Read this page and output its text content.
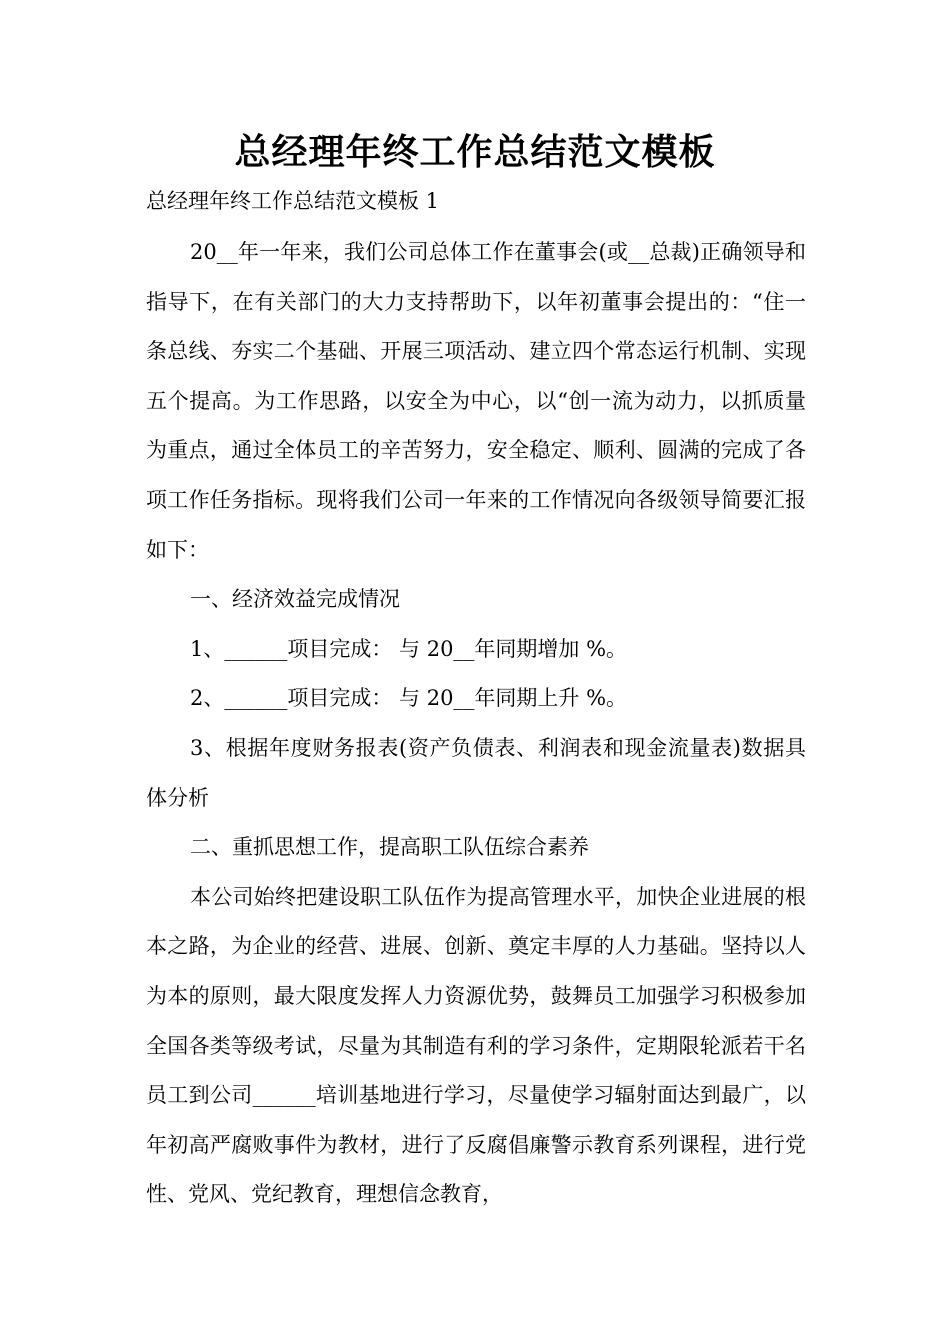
总经理年终工作总结范文模板

总经理年终工作总结范文模板 1

20__年一年来，我们公司总体工作在董事会(或__总裁)正确领导和指导下，在有关部门的大力支持帮助下，以年初董事会提出的：“住一条总线、夯实二个基础、开展三项活动、建立四个常态运行机制、实现五个提高。为工作思路，以安全为中心，以“创一流为动力，以抓质量为重点，通过全体员工的辛苦努力，安全稳定、顺利、圆满的完成了各项工作任务指标。现将我们公司一年来的工作情况向各级领导简要汇报如下：

一、经济效益完成情况

1、______项目完成： 与 20__年同期增加 %。

2、______项目完成： 与 20__年同期上升 %。

3、根据年度财务报表(资产负债表、利润表和现金流量表)数据具体分析

二、重抓思想工作，提高职工队伍综合素养

本公司始终把建设职工队伍作为提高管理水平，加快企业进展的根本之路，为企业的经营、进展、创新、奠定丰厚的人力基础。坚持以人为本的原则，最大限度发挥人力资源优势，鼓舞员工加强学习积极参加全国各类等级考试，尽量为其制造有利的学习条件，定期限轮派若干名员工到公司______培训基地进行学习，尽量使学习辐射面达到最广，以年初高严腐败事件为教材，进行了反腐倡廉警示教育系列课程，进行党性、党风、党纪教育，理想信念教育，
